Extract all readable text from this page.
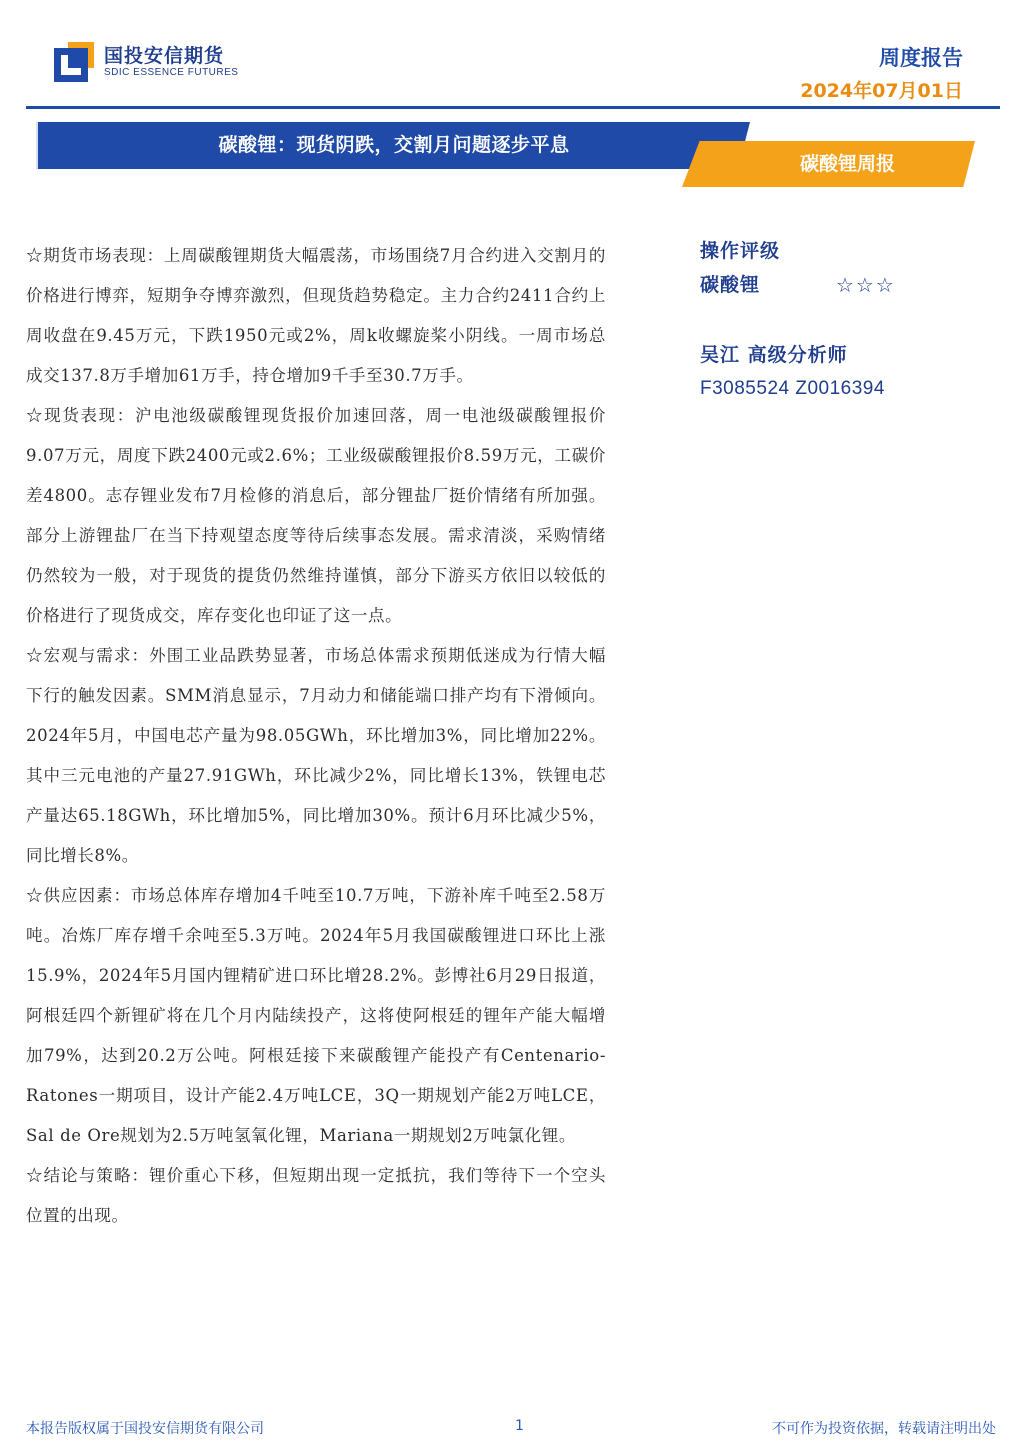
国投安信期货
SDIC ESSENCE FUTURES
周度报告
2024年07月01日
碳酸锂：现货阴跌，交割月问题逐步平息
碳酸锂周报

☆期货市场表现：上周碳酸锂期货大幅震荡，市场围绕7月合约进入交割月的价格进行博弈，短期争夺博弈激烈，但现货趋势稳定。主力合约2411合约上周收盘在9.45万元，下跌1950元或2%，周k收螺旋桨小阴线。一周市场总成交137.8万手增加61万手，持仓增加9千手至30.7万手。

☆现货表现：沪电池级碳酸锂现货报价加速回落，周一电池级碳酸锂报价9.07万元，周度下跌2400元或2.6%；工业级碳酸锂报价8.59万元，工碳价差4800。志存锂业发布7月检修的消息后，部分锂盐厂挺价情绪有所加强。部分上游锂盐厂在当下持观望态度等待后续事态发展。需求清淡，采购情绪仍然较为一般，对于现货的提货仍然维持谨慎，部分下游买方依旧以较低的价格进行了现货成交，库存变化也印证了这一点。

☆宏观与需求：外围工业品跌势显著，市场总体需求预期低迷成为行情大幅下行的触发因素。SMM消息显示，7月动力和储能端口排产均有下滑倾向。2024年5月，中国电芯产量为98.05GWh，环比增加3%，同比增加22%。其中三元电池的产量27.91GWh，环比减少2%，同比增长13%，铁锂电芯产量达65.18GWh，环比增加5%，同比增加30%。预计6月环比减少5%，同比增长8%。

☆供应因素：市场总体库存增加4千吨至10.7万吨，下游补库千吨至2.58万吨。冶炼厂库存增千余吨至5.3万吨。2024年5月我国碳酸锂进口环比上涨15.9%，2024年5月国内锂精矿进口环比增28.2%。彭博社6月29日报道，阿根廷四个新锂矿将在几个月内陆续投产，这将使阿根廷的锂年产能大幅增加79%，达到20.2万公吨。阿根廷接下来碳酸锂产能投产有Centenario-Ratones一期项目，设计产能2.4万吨LCE，3Q一期规划产能2万吨LCE， Sal de Ore规划为2.5万吨氢氧化锂，Mariana一期规划2万吨氯化锂。

☆结论与策略：锂价重心下移，但短期出现一定抵抗，我们等待下一个空头位置的出现。

操作评级
碳酸锂	☆☆☆
吴江 高级分析师
F3085524 Z0016394
本报告版权属于国投安信期货有限公司	1	不可作为投资依据，转载请注明出处
